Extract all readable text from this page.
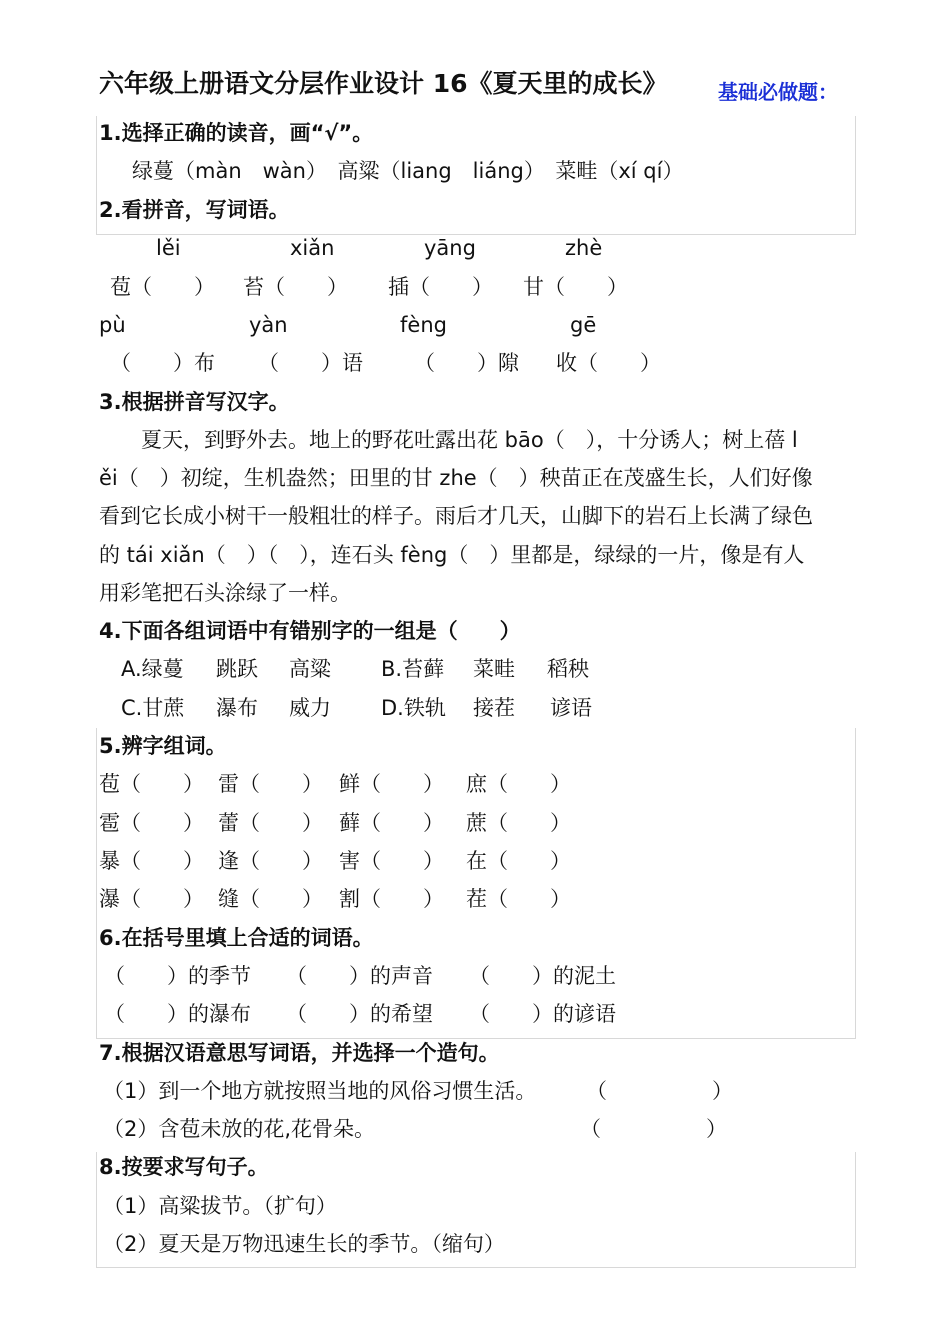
六年级上册语文分层作业设计 16《夏天里的成长》	基础必做题：
1.选择正确的读音，画“√”。
绿蔓（màn　wàn）　高粱（liang　liáng）　菜畦（xí qí）
2.看拼音，写词语。
lěi	xiǎn	yāng	zhè
苞（　　） 苔（　　） 插（　　） 甘（　　）
pù	yàn	fèng	gē
（　　）布 （　　）语 （　　）隙 收（　　）
3.根据拼音写汉字。
　　夏天，到野外去。地上的野花吐露出花 bāo（　），十分诱人；树上蓓 l
ěi（　）初绽，生机盎然；田里的甘 zhe（　）秧苗正在茂盛生长，人们好像
看到它长成小树干一般粗壮的样子。雨后才几天，山脚下的岩石上长满了绿色
的 tái xiǎn（　）（　），连石头 fèng（　）里都是，绿绿的一片，像是有人
用彩笔把石头涂绿了一样。
4.下面各组词语中有错别字的一组是（　　）
A.绿蔓 跳跃 高粱 B.苔藓 菜畦 稻秧
C.甘蔗 瀑布 威力 D.铁轨 接茬 谚语
5.辨字组词。
苞（　　） 雷（　　） 鲜（　　） 庶（　　）
雹（　　） 蕾（　　） 藓（　　） 蔗（　　）
暴（　　） 逢（　　） 害（　　） 在（　　）
瀑（　　） 缝（　　） 割（　　） 茬（　　）
6.在括号里填上合适的词语。
（　　）的季节 （　　）的声音 （　　）的泥土
（　　）的瀑布 （　　）的希望 （　　）的谚语
7.根据汉语意思写词语，并选择一个造句。
（1）到一个地方就按照当地的风俗习惯生活。 （　　　　　）
（2）含苞未放的花,花骨朵。	（　　　　　）
8.按要求写句子。
（1）高粱拔节。（扩句）
（2）夏天是万物迅速生长的季节。（缩句）
